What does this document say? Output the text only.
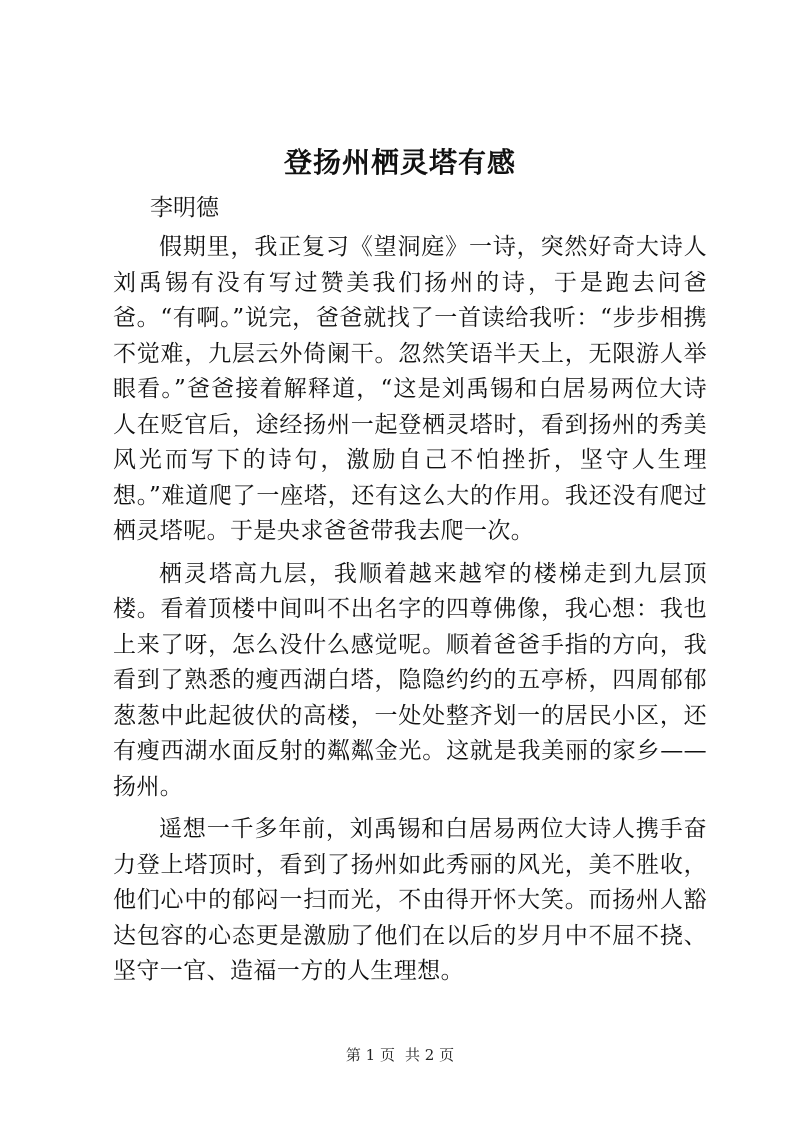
登扬州栖灵塔有感
李明德

假期里，我正复习《望洞庭》一诗，突然好奇大诗人刘禹锡有没有写过赞美我们扬州的诗，于是跑去问爸爸。“有啊。”说完，爸爸就找了一首读给我听：“步步相携不觉难，九层云外倚阑干。忽然笑语半天上，无限游人举眼看。”爸爸接着解释道，“这是刘禹锡和白居易两位大诗人在贬官后，途经扬州一起登栖灵塔时，看到扬州的秀美风光而写下的诗句，激励自己不怕挫折，坚守人生理想。”难道爬了一座塔，还有这么大的作用。我还没有爬过栖灵塔呢。于是央求爸爸带我去爬一次。

栖灵塔高九层，我顺着越来越窄的楼梯走到九层顶楼。看着顶楼中间叫不出名字的四尊佛像，我心想：我也上来了呀，怎么没什么感觉呢。顺着爸爸手指的方向，我看到了熟悉的瘦西湖白塔，隐隐约约的五亭桥，四周郁郁葱葱中此起彼伏的高楼，一处处整齐划一的居民小区，还有瘦西湖水面反射的粼粼金光。这就是我美丽的家乡——扬州。

遥想一千多年前，刘禹锡和白居易两位大诗人携手奋力登上塔顶时，看到了扬州如此秀丽的风光，美不胜收，他们心中的郁闷一扫而光，不由得开怀大笑。而扬州人豁达包容的心态更是激励了他们在以后的岁月中不屈不挠、坚守一官、造福一方的人生理想。

第 1 页 共 2 页
